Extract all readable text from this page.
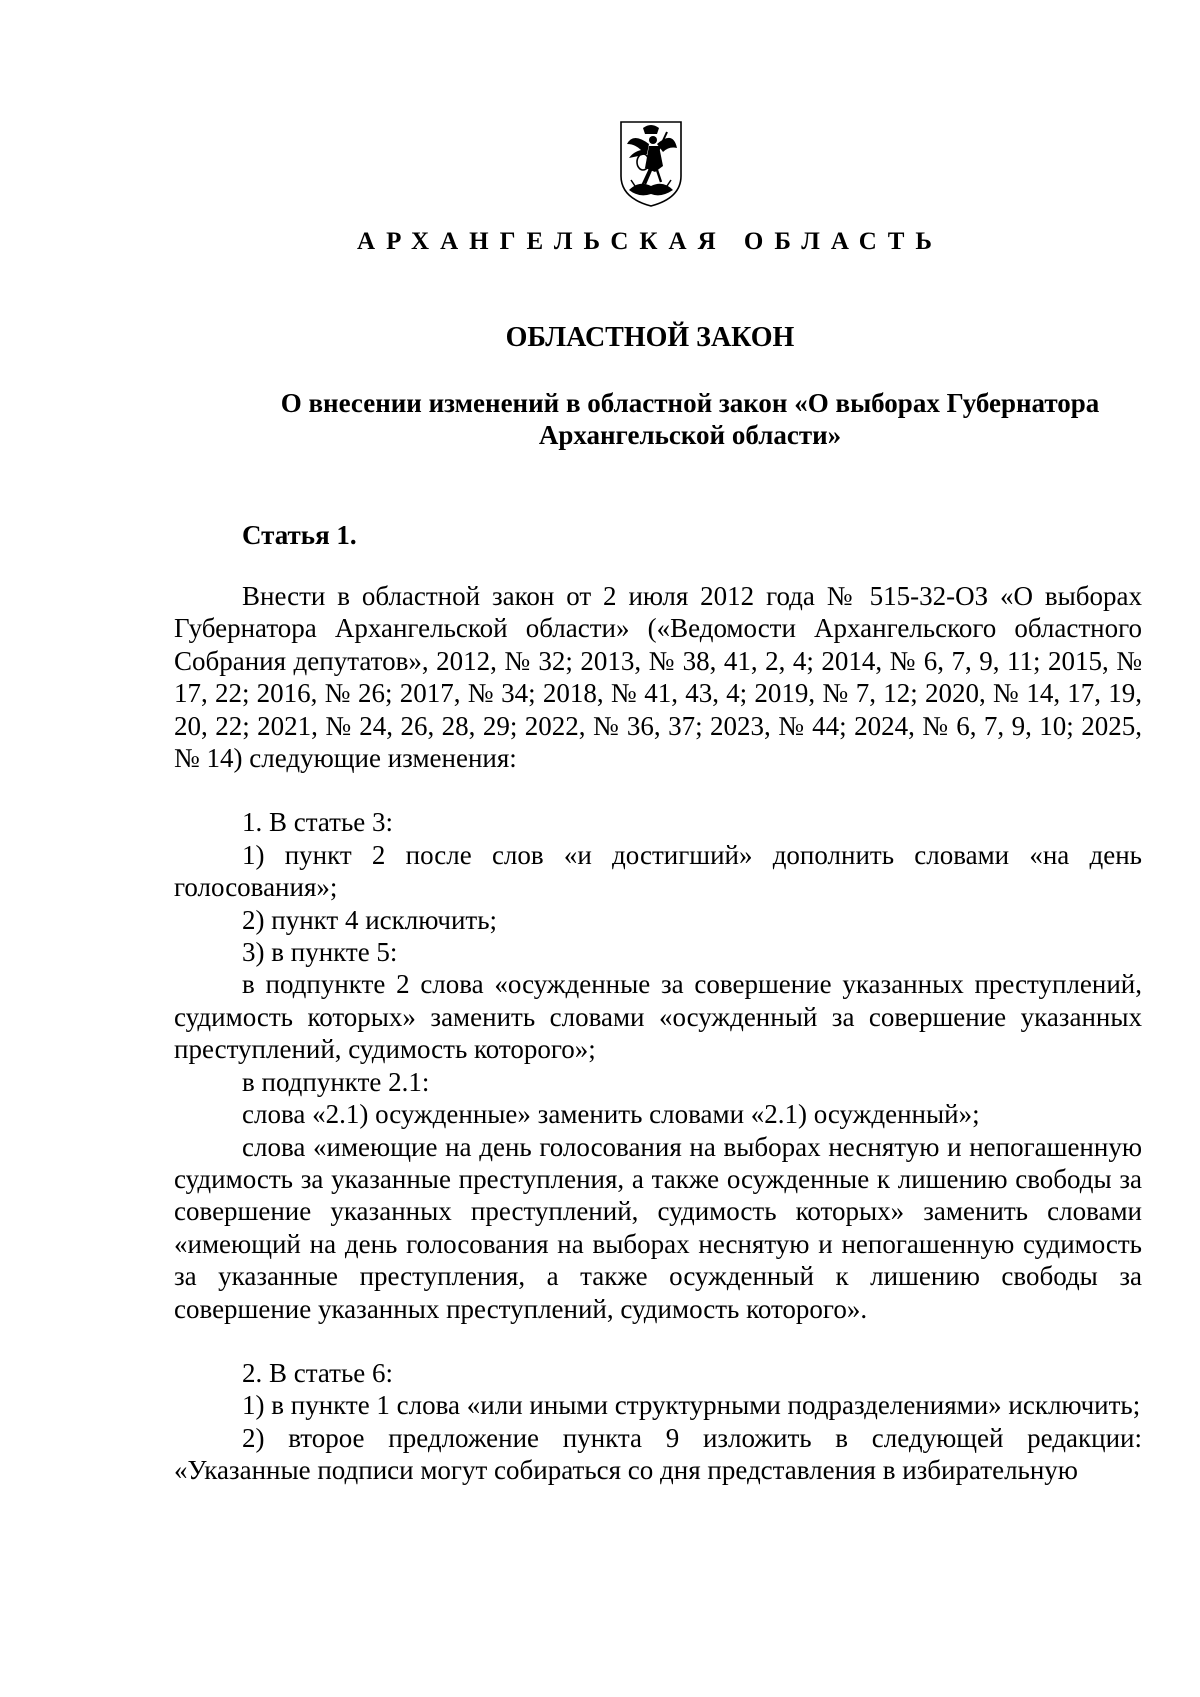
АРХАНГЕЛЬСКАЯ ОБЛАСТЬ
ОБЛАСТНОЙ ЗАКОН
О внесении изменений в областной закон «О выборах Губернатора
Архангельской области»
Статья 1.

Внести в областной закон от 2 июля 2012 года № 515-32-ОЗ «О выборах Губернатора Архангельской области» («Ведомости Архангельского областного Собрания депутатов», 2012, № 32; 2013, № 38, 41, 2, 4; 2014, № 6, 7, 9, 11; 2015, № 17, 22; 2016, № 26; 2017, № 34; 2018, № 41, 43, 4; 2019, № 7, 12; 2020, № 14, 17, 19, 20, 22; 2021, № 24, 26, 28, 29; 2022, № 36, 37; 2023, № 44; 2024, № 6, 7, 9, 10; 2025, № 14) следующие изменения:

1. В статье 3:

1) пункт 2 после слов «и достигший» дополнить словами «на день голосования»;

2) пункт 4 исключить;

3) в пункте 5:

в подпункте 2 слова «осужденные за совершение указанных преступлений, судимость которых» заменить словами «осужденный за совершение указанных преступлений, судимость которого»;

в подпункте 2.1:

слова «2.1) осужденные» заменить словами «2.1) осужденный»;

слова «имеющие на день голосования на выборах неснятую и непогашенную судимость за указанные преступления, а также осужденные к лишению свободы за совершение указанных преступлений, судимость которых» заменить словами «имеющий на день голосования на выборах неснятую и непогашенную судимость за указанные преступления, а также осужденный к лишению свободы за совершение указанных преступлений, судимость которого».

2. В статье 6:

1) в пункте 1 слова «или иными структурными подразделениями» исключить;

2) второе предложение пункта 9 изложить в следующей редакции: «Указанные подписи могут собираться со дня представления в избирательную
